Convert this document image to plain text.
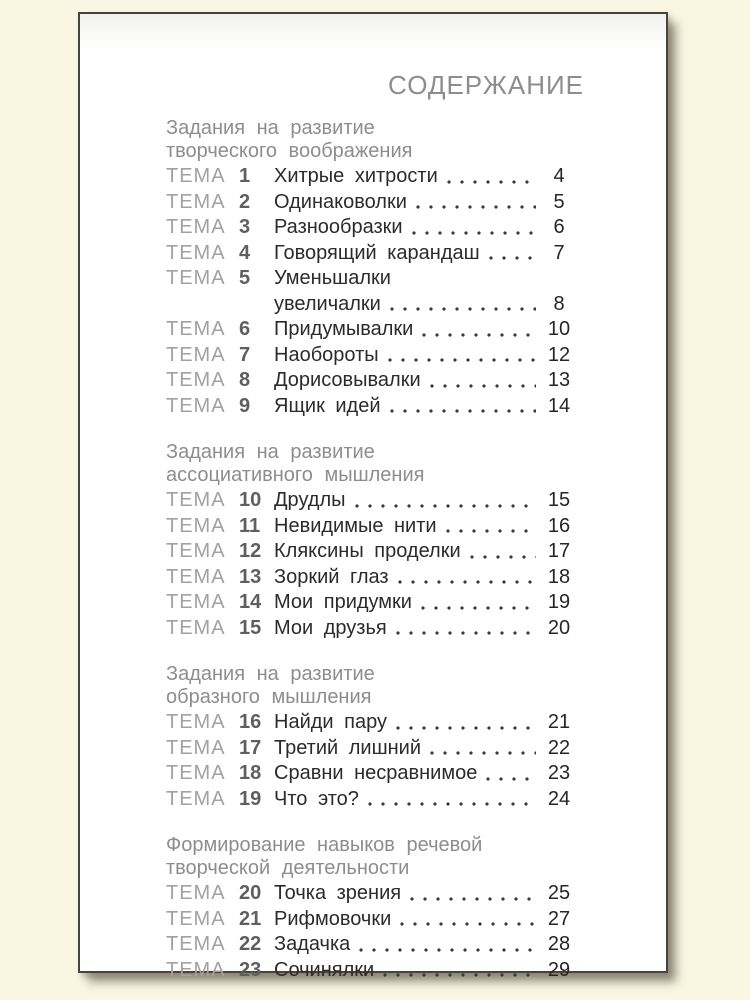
СОДЕРЖАНИЕ
Задания на развитие
творческого воображения
ТЕМА 1	Хитрые хитрости	4
ТЕМА 2	Одинаковолки	5
ТЕМА 3	Разнообразки	6
ТЕМА 4	Говорящий карандаш	7
ТЕМА 5	Уменьшалки
увеличалки	8
ТЕМА 6	Придумывалки	10
ТЕМА 7	Наобороты	12
ТЕМА 8	Дорисовывалки	13
ТЕМА 9	Ящик идей	14
Задания на развитие
ассоциативного мышления
ТЕМА 10 Друдлы	15
ТЕМА 11 Невидимые нити	16
ТЕМА 12 Кляксины проделки	17
ТЕМА 13 Зоркий глаз	18
ТЕМА 14 Мои придумки	19
ТЕМА 15 Мои друзья	20
Задания на развитие
образного мышления
ТЕМА 16 Найди пару	21
ТЕМА 17 Третий лишний	22
ТЕМА 18 Сравни несравнимое	23
ТЕМА 19 Что это?	24
Формирование навыков речевой
творческой деятельности
ТЕМА 20 Точка зрения	25
ТЕМА 21 Рифмовочки	27
ТЕМА 22 Задачка	28
ТЕМА 23 Сочинялки	29
